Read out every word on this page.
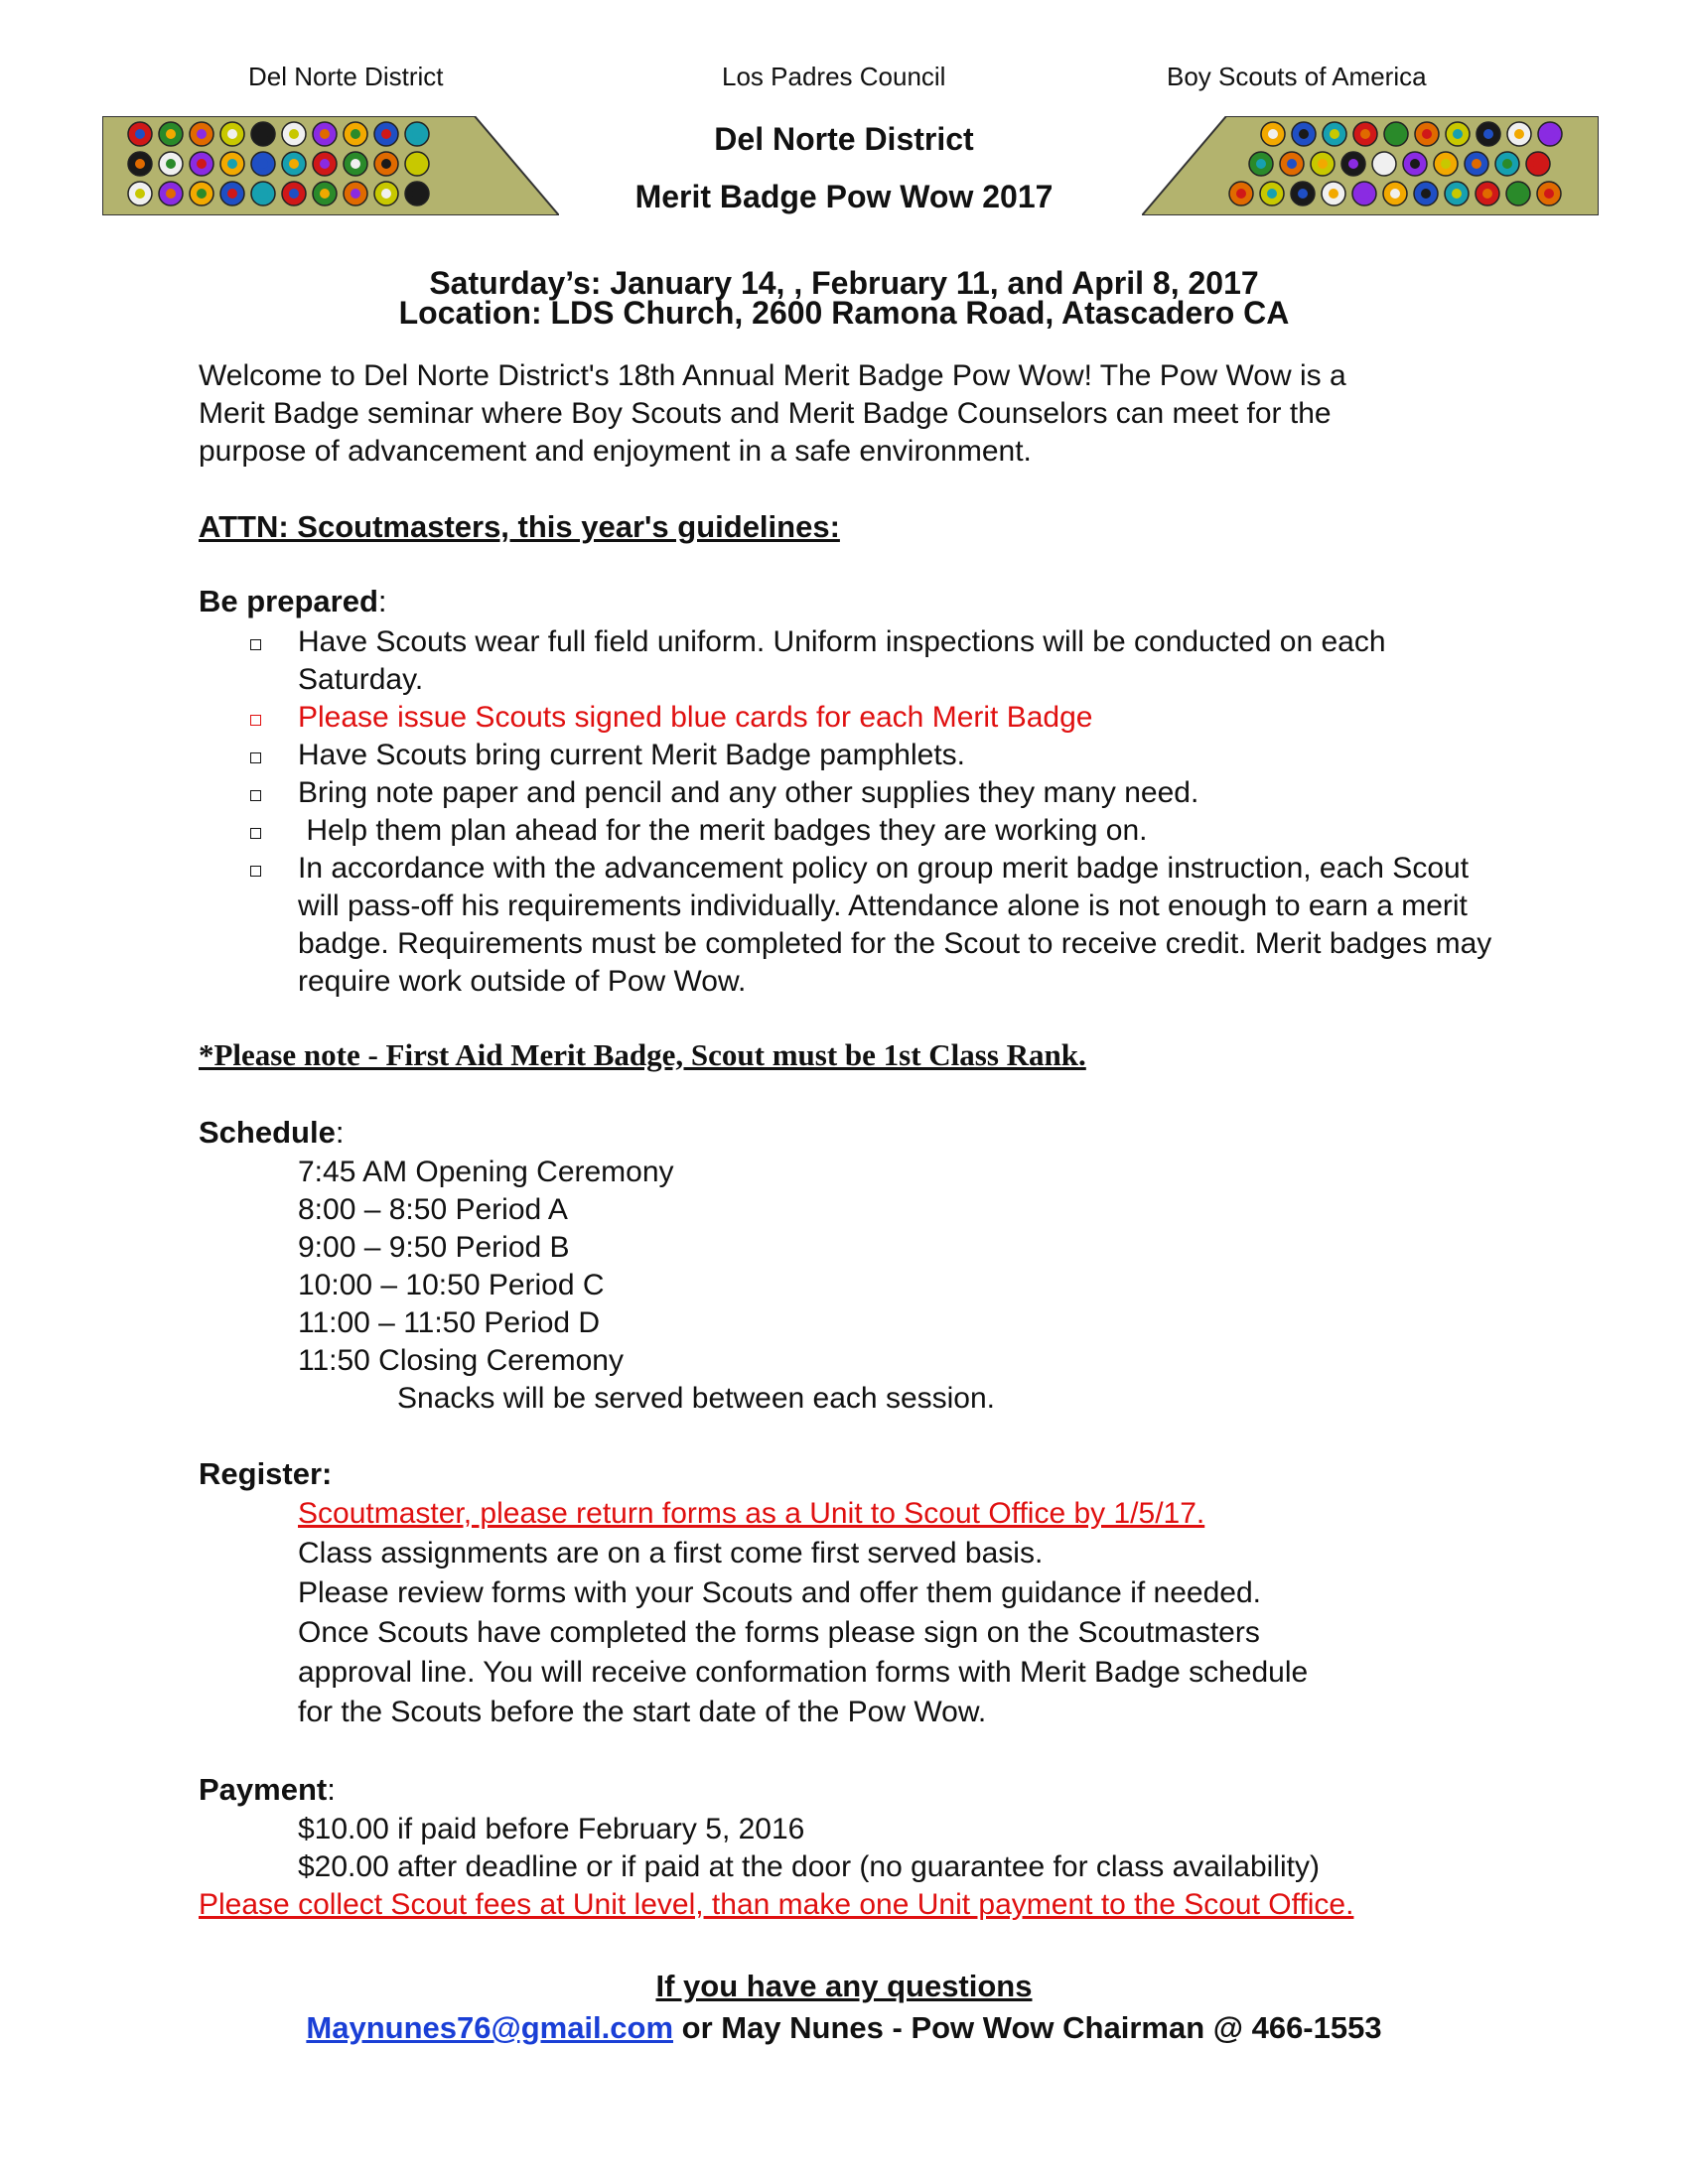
Del Norte District	Los Padres Council	Boy Scouts of America
Del Norte District
Merit Badge Pow Wow 2017
Saturday’s: January 14, , February 11, and April 8, 2017
Location: LDS Church, 2600 Ramona Road, Atascadero CA
Welcome to Del Norte District's 18th Annual Merit Badge Pow Wow! The Pow Wow is a
Merit Badge seminar where Boy Scouts and Merit Badge Counselors can meet for the
purpose of advancement and enjoyment in a safe environment.
ATTN: Scoutmasters, this year's guidelines:
Be prepared:
Have Scouts wear full field uniform. Uniform inspections will be conducted on each Saturday.
Please issue Scouts signed blue cards for each Merit Badge
Have Scouts bring current Merit Badge pamphlets.
Bring note paper and pencil and any other supplies they many need.
Help them plan ahead for the merit badges they are working on.
In accordance with the advancement policy on group merit badge instruction, each Scout will pass-off his requirements individually. Attendance alone is not enough to earn a merit badge. Requirements must be completed for the Scout to receive credit. Merit badges may require work outside of Pow Wow.
*Please note - First Aid Merit Badge, Scout must be 1st Class Rank.
Schedule:
7:45 AM Opening Ceremony
8:00 – 8:50 Period A
9:00 – 9:50 Period B
10:00 – 10:50 Period C
11:00 – 11:50 Period D
11:50 Closing Ceremony
Snacks will be served between each session.
Register:
Scoutmaster, please return forms as a Unit to Scout Office by 1/5/17.
Class assignments are on a first come first served basis.
Please review forms with your Scouts and offer them guidance if needed.
Once Scouts have completed the forms please sign on the Scoutmasters
approval line. You will receive conformation forms with Merit Badge schedule
for the Scouts before the start date of the Pow Wow.
Payment:
$10.00 if paid before February 5, 2016
$20.00 after deadline or if paid at the door (no guarantee for class availability)
Please collect Scout fees at Unit level, than make one Unit payment to the Scout Office.
If you have any questions
Maynunes76@gmail.com or May Nunes - Pow Wow Chairman @ 466-1553
